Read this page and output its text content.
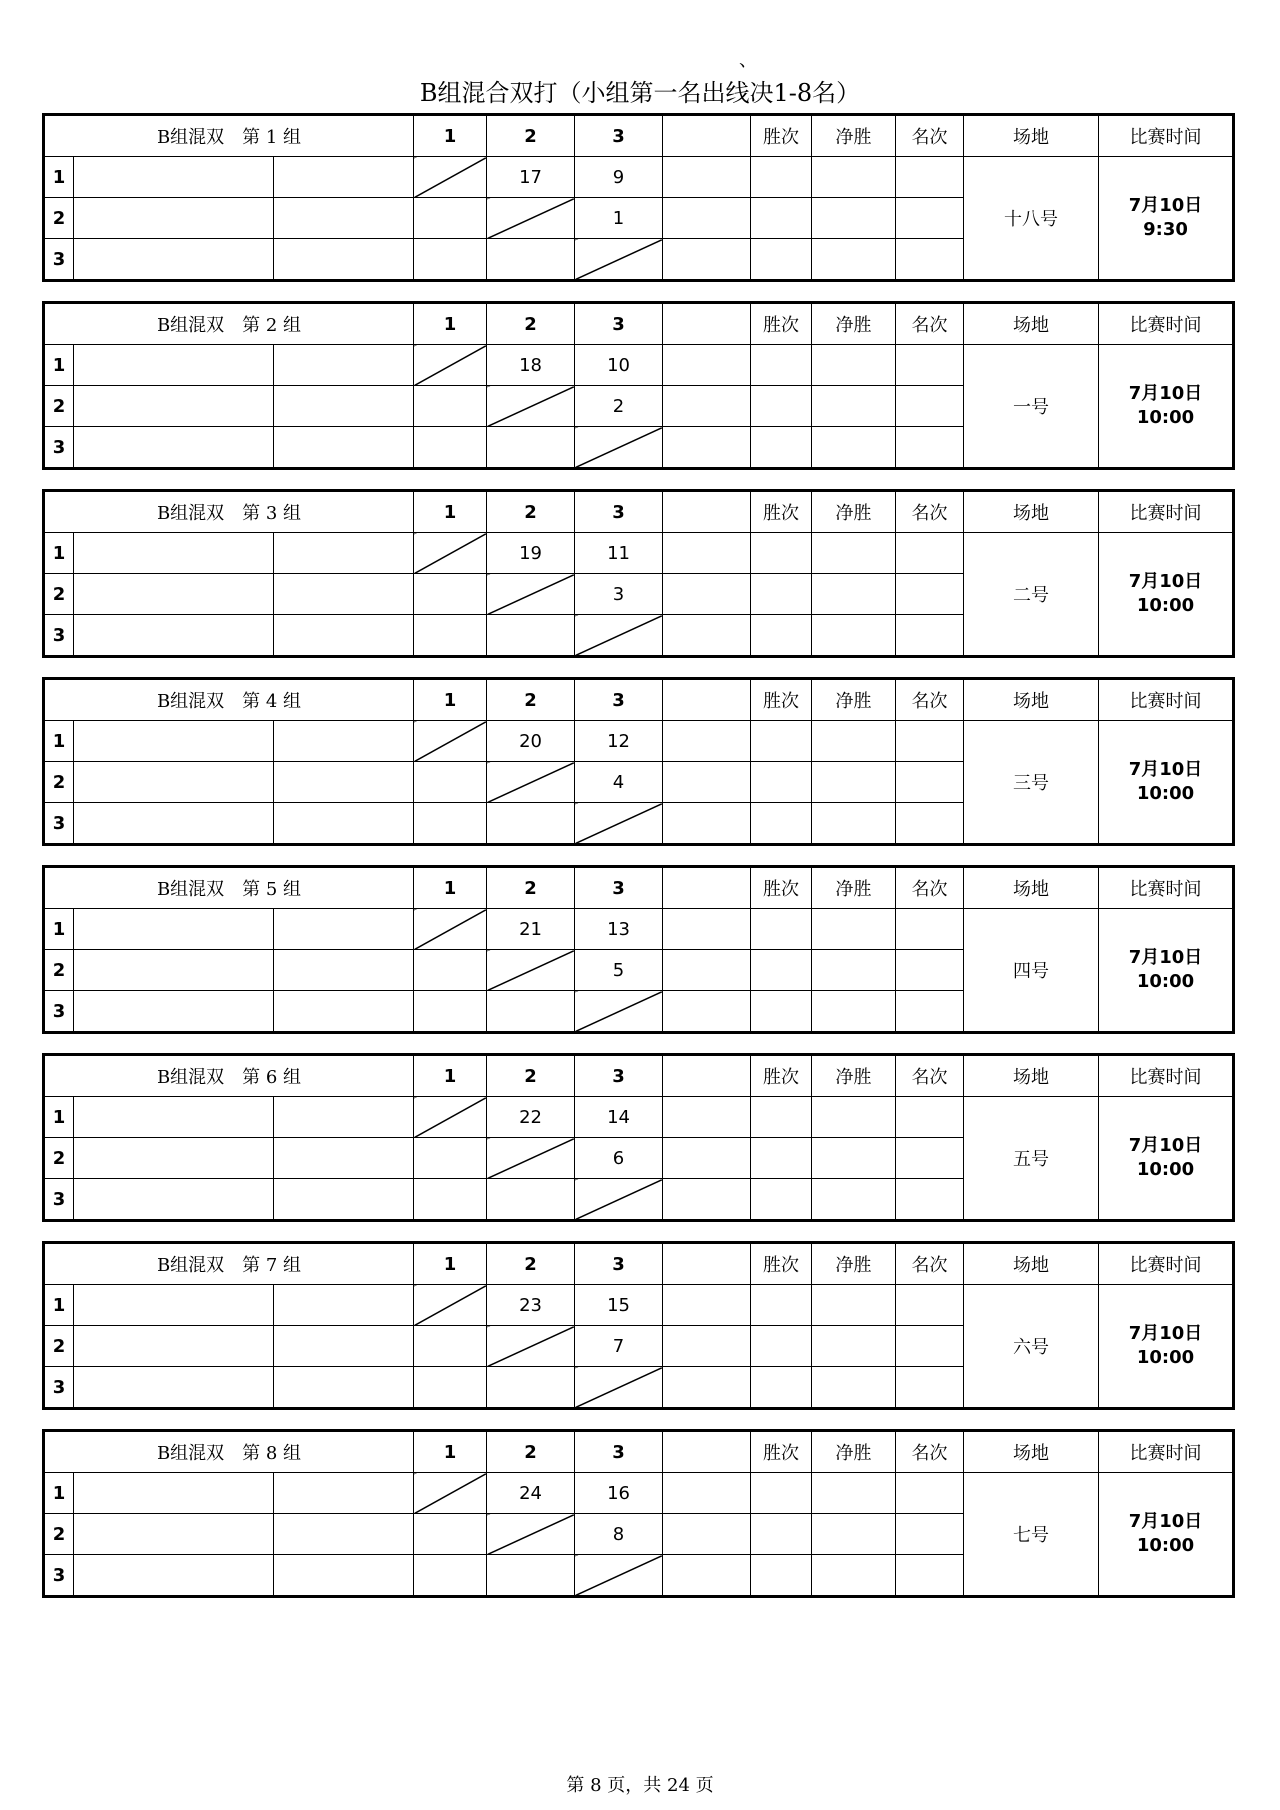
、
B组混合双打（小组第一名出线决1-8名）
B组混双　第 1 组			1	2	3		胜次	净胜	名次	场地	比赛时间
1				17	9					十八号	7月10日
9:30

2					1						
3											
B组混双　第 2 组			1	2	3		胜次	净胜	名次	场地	比赛时间
1				18	10					一号	7月10日
10:00

2					2						
3											
B组混双　第 3 组			1	2	3		胜次	净胜	名次	场地	比赛时间
1				19	11					二号	7月10日
10:00

2					3						
3											
B组混双　第 4 组			1	2	3		胜次	净胜	名次	场地	比赛时间
1				20	12					三号	7月10日
10:00

2					4						
3											
B组混双　第 5 组			1	2	3		胜次	净胜	名次	场地	比赛时间
1				21	13					四号	7月10日
10:00

2					5						
3											
B组混双　第 6 组			1	2	3		胜次	净胜	名次	场地	比赛时间
1				22	14					五号	7月10日
10:00

2					6						
3											
B组混双　第 7 组			1	2	3		胜次	净胜	名次	场地	比赛时间
1				23	15					六号	7月10日
10:00

2					7						
3											
B组混双　第 8 组			1	2	3		胜次	净胜	名次	场地	比赛时间
1				24	16					七号	7月10日
10:00

2					8						
3											
第 8 页，共 24 页
